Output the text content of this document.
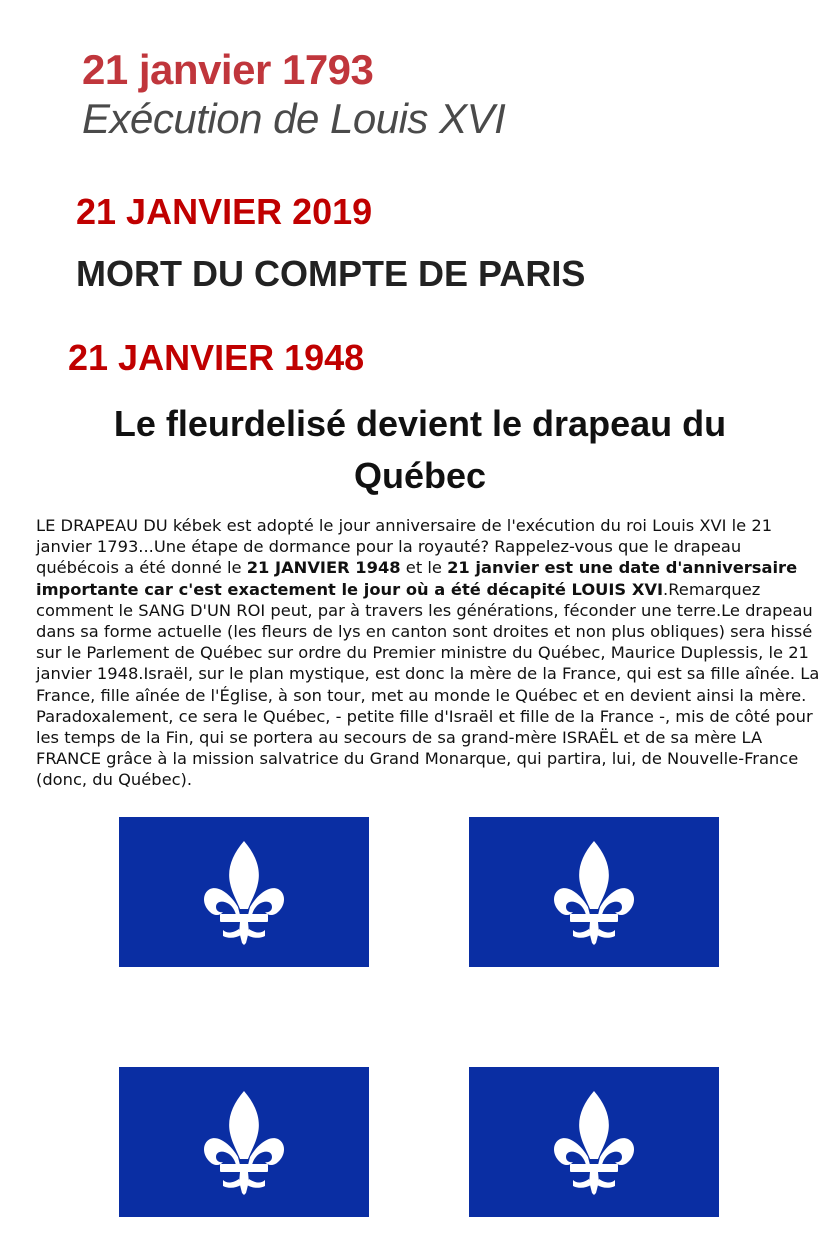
21 janvier 1793
Exécution de Louis XVI
21 JANVIER 2019
MORT DU COMPTE DE PARIS
21 JANVIER 1948
Le fleurdelisé devient le drapeau du Québec

LE DRAPEAU DU kébek est adopté le jour anniversaire de l'exécution du roi Louis XVI le 21 janvier 1793...Une étape de dormance pour la royauté? Rappelez-vous que le drapeau québécois a été donné le 21 JANVIER 1948 et le 21 janvier est une date d'anniversaire importante car c'est exactement le jour où a été décapité LOUIS XVI.Remarquez comment le SANG D'UN ROI peut, par à travers les générations, féconder une terre.Le drapeau dans sa forme actuelle (les fleurs de lys en canton sont droites et non plus obliques) sera hissé sur le Parlement de Québec sur ordre du Premier ministre du Québec, Maurice Duplessis, le 21 janvier 1948.Israël, sur le plan mystique, est donc la mère de la France, qui est sa fille aînée. La France, fille aînée de l'Église, à son tour, met au monde le Québec et en devient ainsi la mère. Paradoxalement, ce sera le Québec, - petite fille d'Israël et fille de la France -, mis de côté pour les temps de la Fin, qui se portera au secours de sa grand-mère ISRAËL et de sa mère LA FRANCE grâce à la mission salvatrice du Grand Monarque, qui partira, lui, de Nouvelle-France (donc, du Québec).
